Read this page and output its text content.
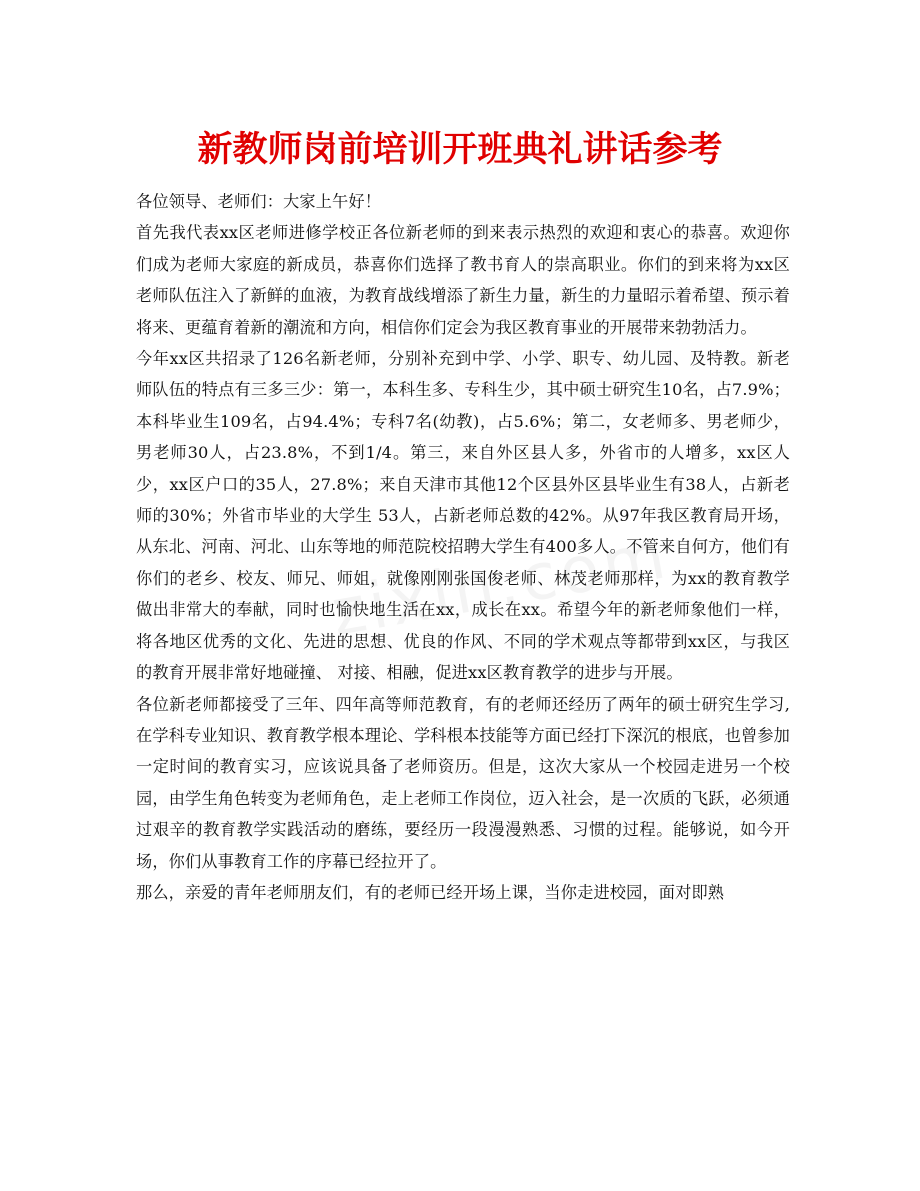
新教师岗前培训开班典礼讲话参考

各位领导、老师们：大家上午好！

首先我代表xx区老师进修学校正各位新老师的到来表示热烈的欢迎和衷心的恭喜。欢迎你们成为老师大家庭的新成员，恭喜你们选择了教书育人的崇高职业。你们的到来将为xx区老师队伍注入了新鲜的血液，为教育战线增添了新生力量，新生的力量昭示着希望、预示着将来、更蕴育着新的潮流和方向，相信你们定会为我区教育事业的开展带来勃勃活力。

今年xx区共招录了126名新老师，分别补充到中学、小学、职专、幼儿园、及特教。新老师队伍的特点有三多三少：第一，本科生多、专科生少，其中硕士研究生10名，占7.9%；本科毕业生109名，占94.4%；专科7名(幼教)，占5.6%；第二，女老师多、男老师少，男老师30人，占23.8%，不到1/4。第三，来自外区县人多，外省市的人增多，xx区人少，xx区户口的35人，27.8%；来自天津市其他12个区县外区县毕业生有38人，占新老师的30%；外省市毕业的大学生 53人，占新老师总数的42%。从97年我区教育局开场，从东北、河南、河北、山东等地的师范院校招聘大学生有400多人。不管来自何方，他们有你们的老乡、校友、师兄、师姐，就像刚刚张国俊老师、林茂老师那样，为xx的教育教学做出非常大的奉献，同时也愉快地生活在xx，成长在xx。希望今年的新老师象他们一样，将各地区优秀的文化、先进的思想、优良的作风、不同的学术观点等都带到xx区，与我区的教育开展非常好地碰撞、 对接、相融，促进xx区教育教学的进步与开展。

各位新老师都接受了三年、四年高等师范教育，有的老师还经历了两年的硕士研究生学习,在学科专业知识、教育教学根本理论、学科根本技能等方面已经打下深沉的根底，也曾参加一定时间的教育实习，应该说具备了老师资历。但是，这次大家从一个校园走进另一个校园，由学生角色转变为老师角色，走上老师工作岗位，迈入社会，是一次质的飞跃，必须通过艰辛的教育教学实践活动的磨练，要经历一段漫漫熟悉、习惯的过程。能够说，如今开场，你们从事教育工作的序幕已经拉开了。

那么，亲爱的青年老师朋友们，有的老师已经开场上课，当你走进校园，面对即熟
